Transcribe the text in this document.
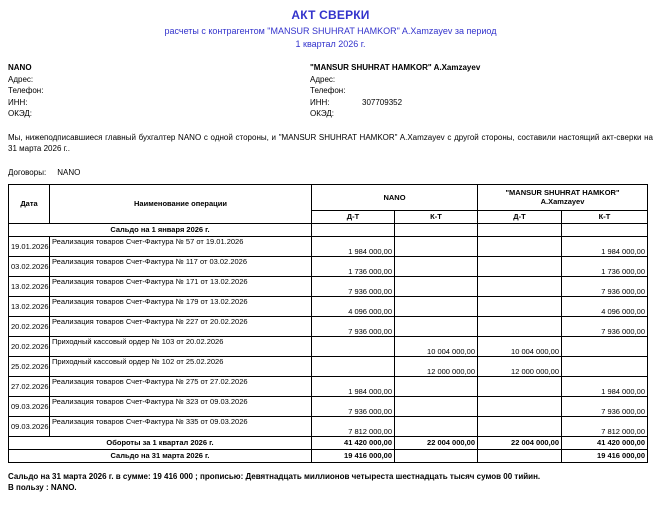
АКТ СВЕРКИ
расчеты с контрагентом "MANSUR SHUHRAT HAMKOR" A.Xamzayev за период
1 квартал 2026 г.
NANO
Адрес:
Телефон:
ИНН:
ОКЭД:
"MANSUR SHUHRAT HAMKOR" A.Xamzayev
Адрес:
Телефон:
ИНН:	307709352
ОКЭД:
Мы, нижеподписавшиеся главный бухгалтер NANO с одной стороны, и "MANSUR SHUHRAT HAMKOR" A.Xamzayev с другой стороны, составили настоящий акт-сверки на 31 марта 2026 г..
Договоры: NANO
Дата	Наименование операции	NANO		"MANSUR SHUHRAT HAMKOR"
A.Xamzayev	

		Д-Т	К-Т	Д-Т	К-Т
Сальдо на 1 января 2026 г.					
19.01.2026	Реализация товаров Счет-Фактура № 57 от 19.01.2026	1 984 000,00			1 984 000,00
03.02.2026	Реализация товаров Счет-Фактура № 117 от 03.02.2026	1 736 000,00			1 736 000,00
13.02.2026	Реализация товаров Счет-Фактура № 171 от 13.02.2026	7 936 000,00			7 936 000,00
13.02.2026	Реализация товаров Счет-Фактура № 179 от 13.02.2026	4 096 000,00			4 096 000,00
20.02.2026	Реализация товаров Счет-Фактура № 227 от 20.02.2026	7 936 000,00			7 936 000,00
20.02.2026	Приходный кассовый ордер № 103 от 20.02.2026		10 004 000,00	10 004 000,00	
25.02.2026	Приходный кассовый ордер № 102 от 25.02.2026		12 000 000,00	12 000 000,00	
27.02.2026	Реализация товаров Счет-Фактура № 275 от 27.02.2026	1 984 000,00			1 984 000,00
09.03.2026	Реализация товаров Счет-Фактура № 323 от 09.03.2026	7 936 000,00			7 936 000,00
09.03.2026	Реализация товаров Счет-Фактура № 335 от 09.03.2026	7 812 000,00			7 812 000,00
Обороты за 1 квартал 2026 г.		41 420 000,00	22 004 000,00	22 004 000,00	41 420 000,00
Сальдо на 31 марта 2026 г.		19 416 000,00			19 416 000,00
Сальдо на 31 марта 2026 г. в сумме: 19 416 000 ; прописью: Девятнадцать миллионов четыреста шестнадцать тысяч сумов 00 тийин.
В пользу : NANO.
